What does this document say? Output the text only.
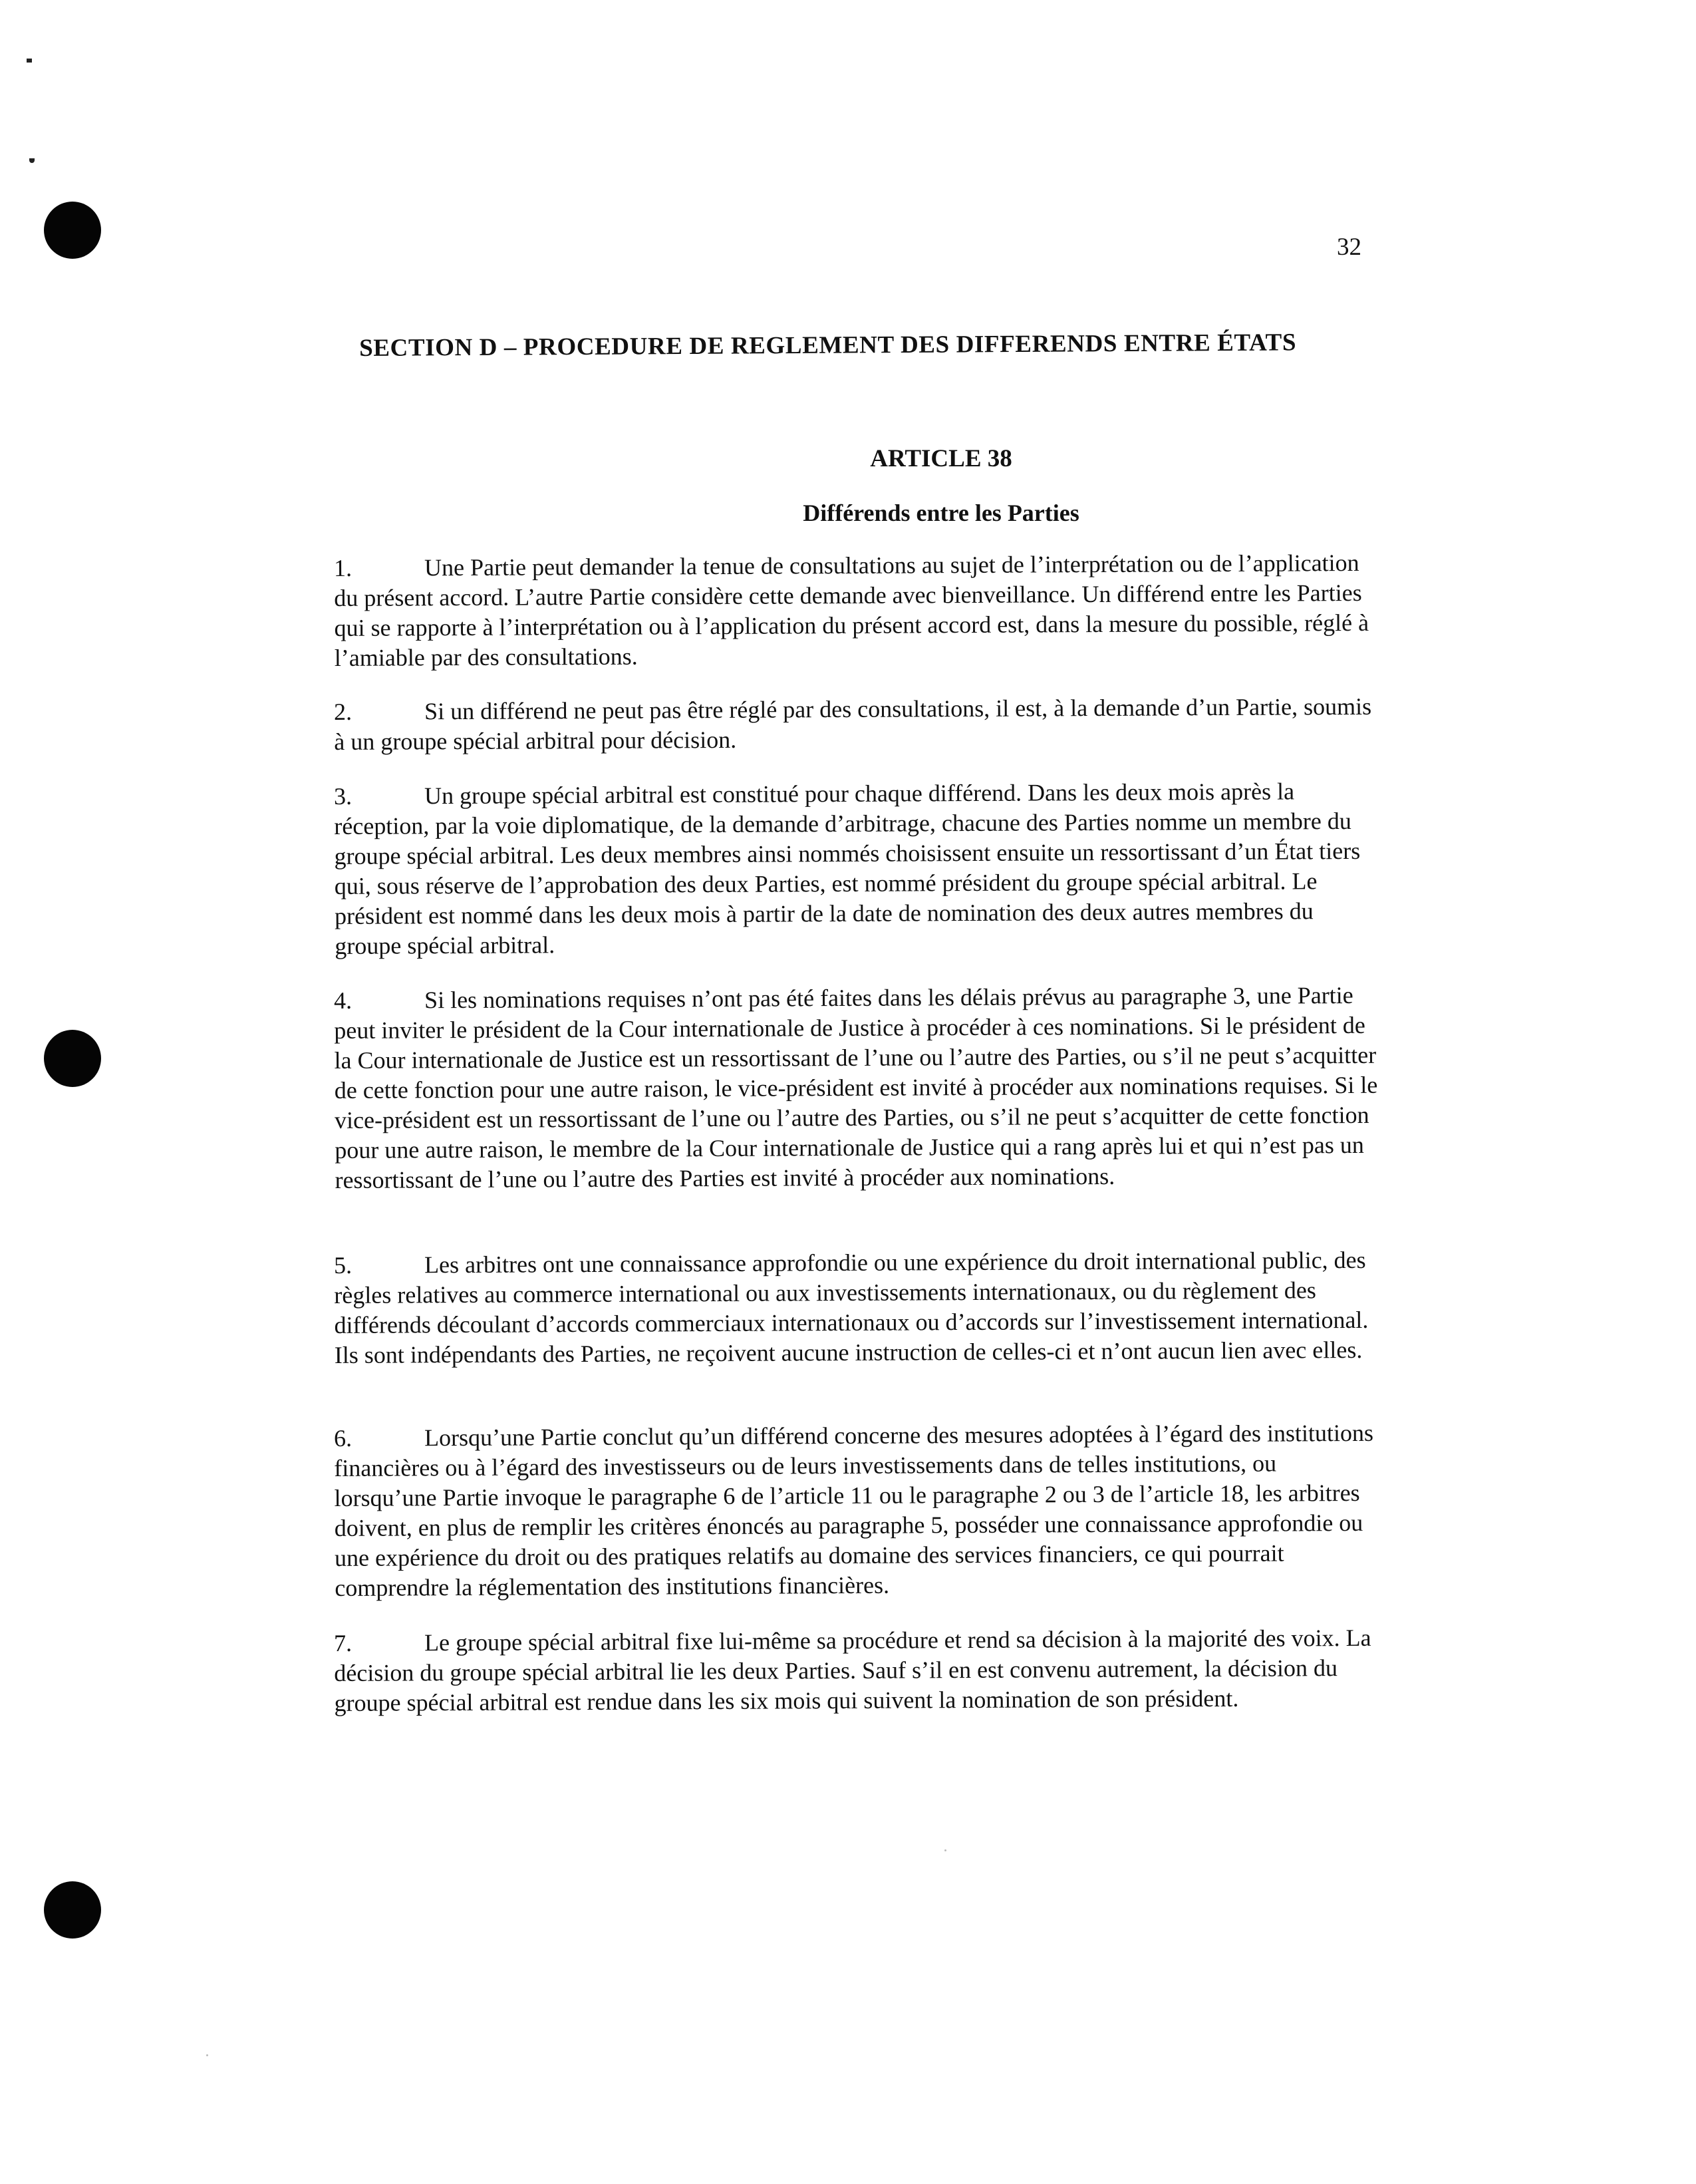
32
SECTION D – PROCEDURE DE REGLEMENT DES DIFFERENDS ENTRE ÉTATS
ARTICLE 38
Différends entre les Parties
1.	Une Partie peut demander la tenue de consultations au sujet de l’interprétation ou de l’application du présent accord. L’autre Partie considère cette demande avec bienveillance. Un différend entre les Parties qui se rapporte à l’interprétation ou à l’application du présent accord est, dans la mesure du possible, réglé à l’amiable par des consultations.
2.	Si un différend ne peut pas être réglé par des consultations, il est, à la demande d’un Partie, soumis à un groupe spécial arbitral pour décision.
3.	Un groupe spécial arbitral est constitué pour chaque différend. Dans les deux mois après la réception, par la voie diplomatique, de la demande d’arbitrage, chacune des Parties nomme un membre du groupe spécial arbitral. Les deux membres ainsi nommés choisissent ensuite un ressortissant d’un État tiers qui, sous réserve de l’approbation des deux Parties, est nommé président du groupe spécial arbitral. Le président est nommé dans les deux mois à partir de la date de nomination des deux autres membres du groupe spécial arbitral.
4.	Si les nominations requises n’ont pas été faites dans les délais prévus au paragraphe 3, une Partie peut inviter le président de la Cour internationale de Justice à procéder à ces nominations. Si le président de la Cour internationale de Justice est un ressortissant de l’une ou l’autre des Parties, ou s’il ne peut s’acquitter de cette fonction pour une autre raison, le vice-président est invité à procéder aux nominations requises. Si le vice-président est un ressortissant de l’une ou l’autre des Parties, ou s’il ne peut s’acquitter de cette fonction pour une autre raison, le membre de la Cour internationale de Justice qui a rang après lui et qui n’est pas un ressortissant de l’une ou l’autre des Parties est invité à procéder aux nominations.
5.	Les arbitres ont une connaissance approfondie ou une expérience du droit international public, des règles relatives au commerce international ou aux investissements internationaux, ou du règlement des différends découlant d’accords commerciaux internationaux ou d’accords sur l’investissement international. Ils sont indépendants des Parties, ne reçoivent aucune instruction de celles-ci et n’ont aucun lien avec elles.
6.	Lorsqu’une Partie conclut qu’un différend concerne des mesures adoptées à l’égard des institutions financières ou à l’égard des investisseurs ou de leurs investissements dans de telles institutions, ou lorsqu’une Partie invoque le paragraphe 6 de l’article 11 ou le paragraphe 2 ou 3 de l’article 18, les arbitres doivent, en plus de remplir les critères énoncés au paragraphe 5, posséder une connaissance approfondie ou une expérience du droit ou des pratiques relatifs au domaine des services financiers, ce qui pourrait comprendre la réglementation des institutions financières.
7.	Le groupe spécial arbitral fixe lui-même sa procédure et rend sa décision à la majorité des voix. La décision du groupe spécial arbitral lie les deux Parties. Sauf s’il en est convenu autrement, la décision du groupe spécial arbitral est rendue dans les six mois qui suivent la nomination de son président.
